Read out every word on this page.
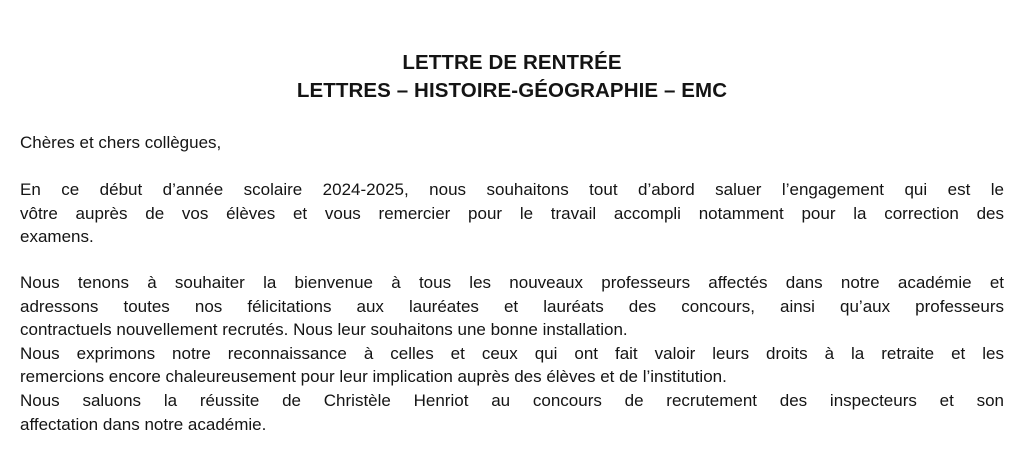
LETTRE DE RENTRÉE
LETTRES – HISTOIRE-GÉOGRAPHIE – EMC
Chères et chers collègues,
En ce début d’année scolaire 2024-2025, nous souhaitons tout d’abord saluer l’engagement qui est le
vôtre auprès de vos élèves et vous remercier pour le travail accompli notamment pour la correction des
examens.
Nous tenons à souhaiter la bienvenue à tous les nouveaux professeurs affectés dans notre académie et
adressons toutes nos félicitations aux lauréates et lauréats des concours, ainsi qu’aux professeurs
contractuels nouvellement recrutés. Nous leur souhaitons une bonne installation.
Nous exprimons notre reconnaissance à celles et ceux qui ont fait valoir leurs droits à la retraite et les
remercions encore chaleureusement pour leur implication auprès des élèves et de l’institution.
Nous saluons la réussite de Christèle Henriot au concours de recrutement des inspecteurs et son
affectation dans notre académie.
